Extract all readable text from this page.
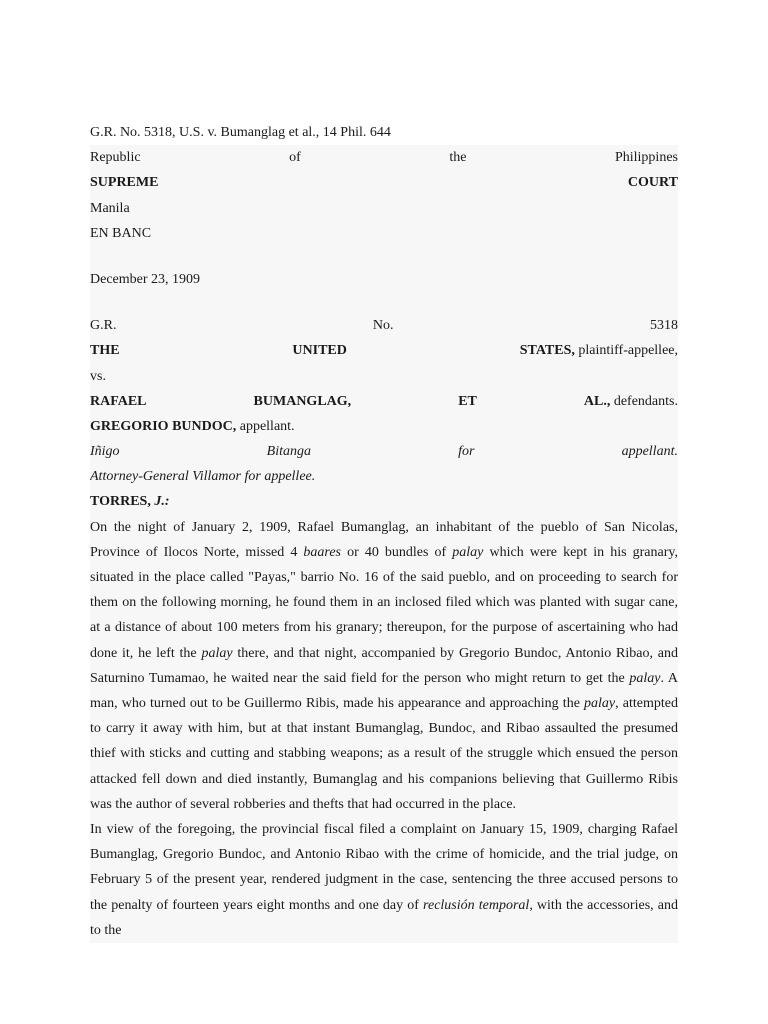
G.R. No. 5318, U.S. v. Bumanglag et al., 14 Phil. 644
Republic	of	the	Philippines
SUPREME	COURT
Manila
EN BANC
December 23, 1909
G.R.	No.	5318
THE	UNITED	STATES, plaintiff-appellee,
vs.
RAFAEL	BUMANGLAG,	ET	AL., defendants.
GREGORIO BUNDOC, appellant.
Iñigo	Bitanga	for	appellant.
Attorney-General Villamor for appellee.
TORRES, J.:

On the night of January 2, 1909, Rafael Bumanglag, an inhabitant of the pueblo of San Nicolas, Province of Ilocos Norte, missed 4 baares or 40 bundles of palay which were kept in his granary, situated in the place called "Payas," barrio No. 16 of the said pueblo, and on proceeding to search for them on the following morning, he found them in an inclosed filed which was planted with sugar cane, at a distance of about 100 meters from his granary; thereupon, for the purpose of ascertaining who had done it, he left the palay there, and that night, accompanied by Gregorio Bundoc, Antonio Ribao, and Saturnino Tumamao, he waited near the said field for the person who might return to get the palay. A man, who turned out to be Guillermo Ribis, made his appearance and approaching the palay, attempted to carry it away with him, but at that instant Bumanglag, Bundoc, and Ribao assaulted the presumed thief with sticks and cutting and stabbing weapons; as a result of the struggle which ensued the person attacked fell down and died instantly, Bumanglag and his companions believing that Guillermo Ribis was the author of several robberies and thefts that had occurred in the place.

In view of the foregoing, the provincial fiscal filed a complaint on January 15, 1909, charging Rafael Bumanglag, Gregorio Bundoc, and Antonio Ribao with the crime of homicide, and the trial judge, on February 5 of the present year, rendered judgment in the case, sentencing the three accused persons to the penalty of fourteen years eight months and one day of reclusión temporal, with the accessories, and to the
